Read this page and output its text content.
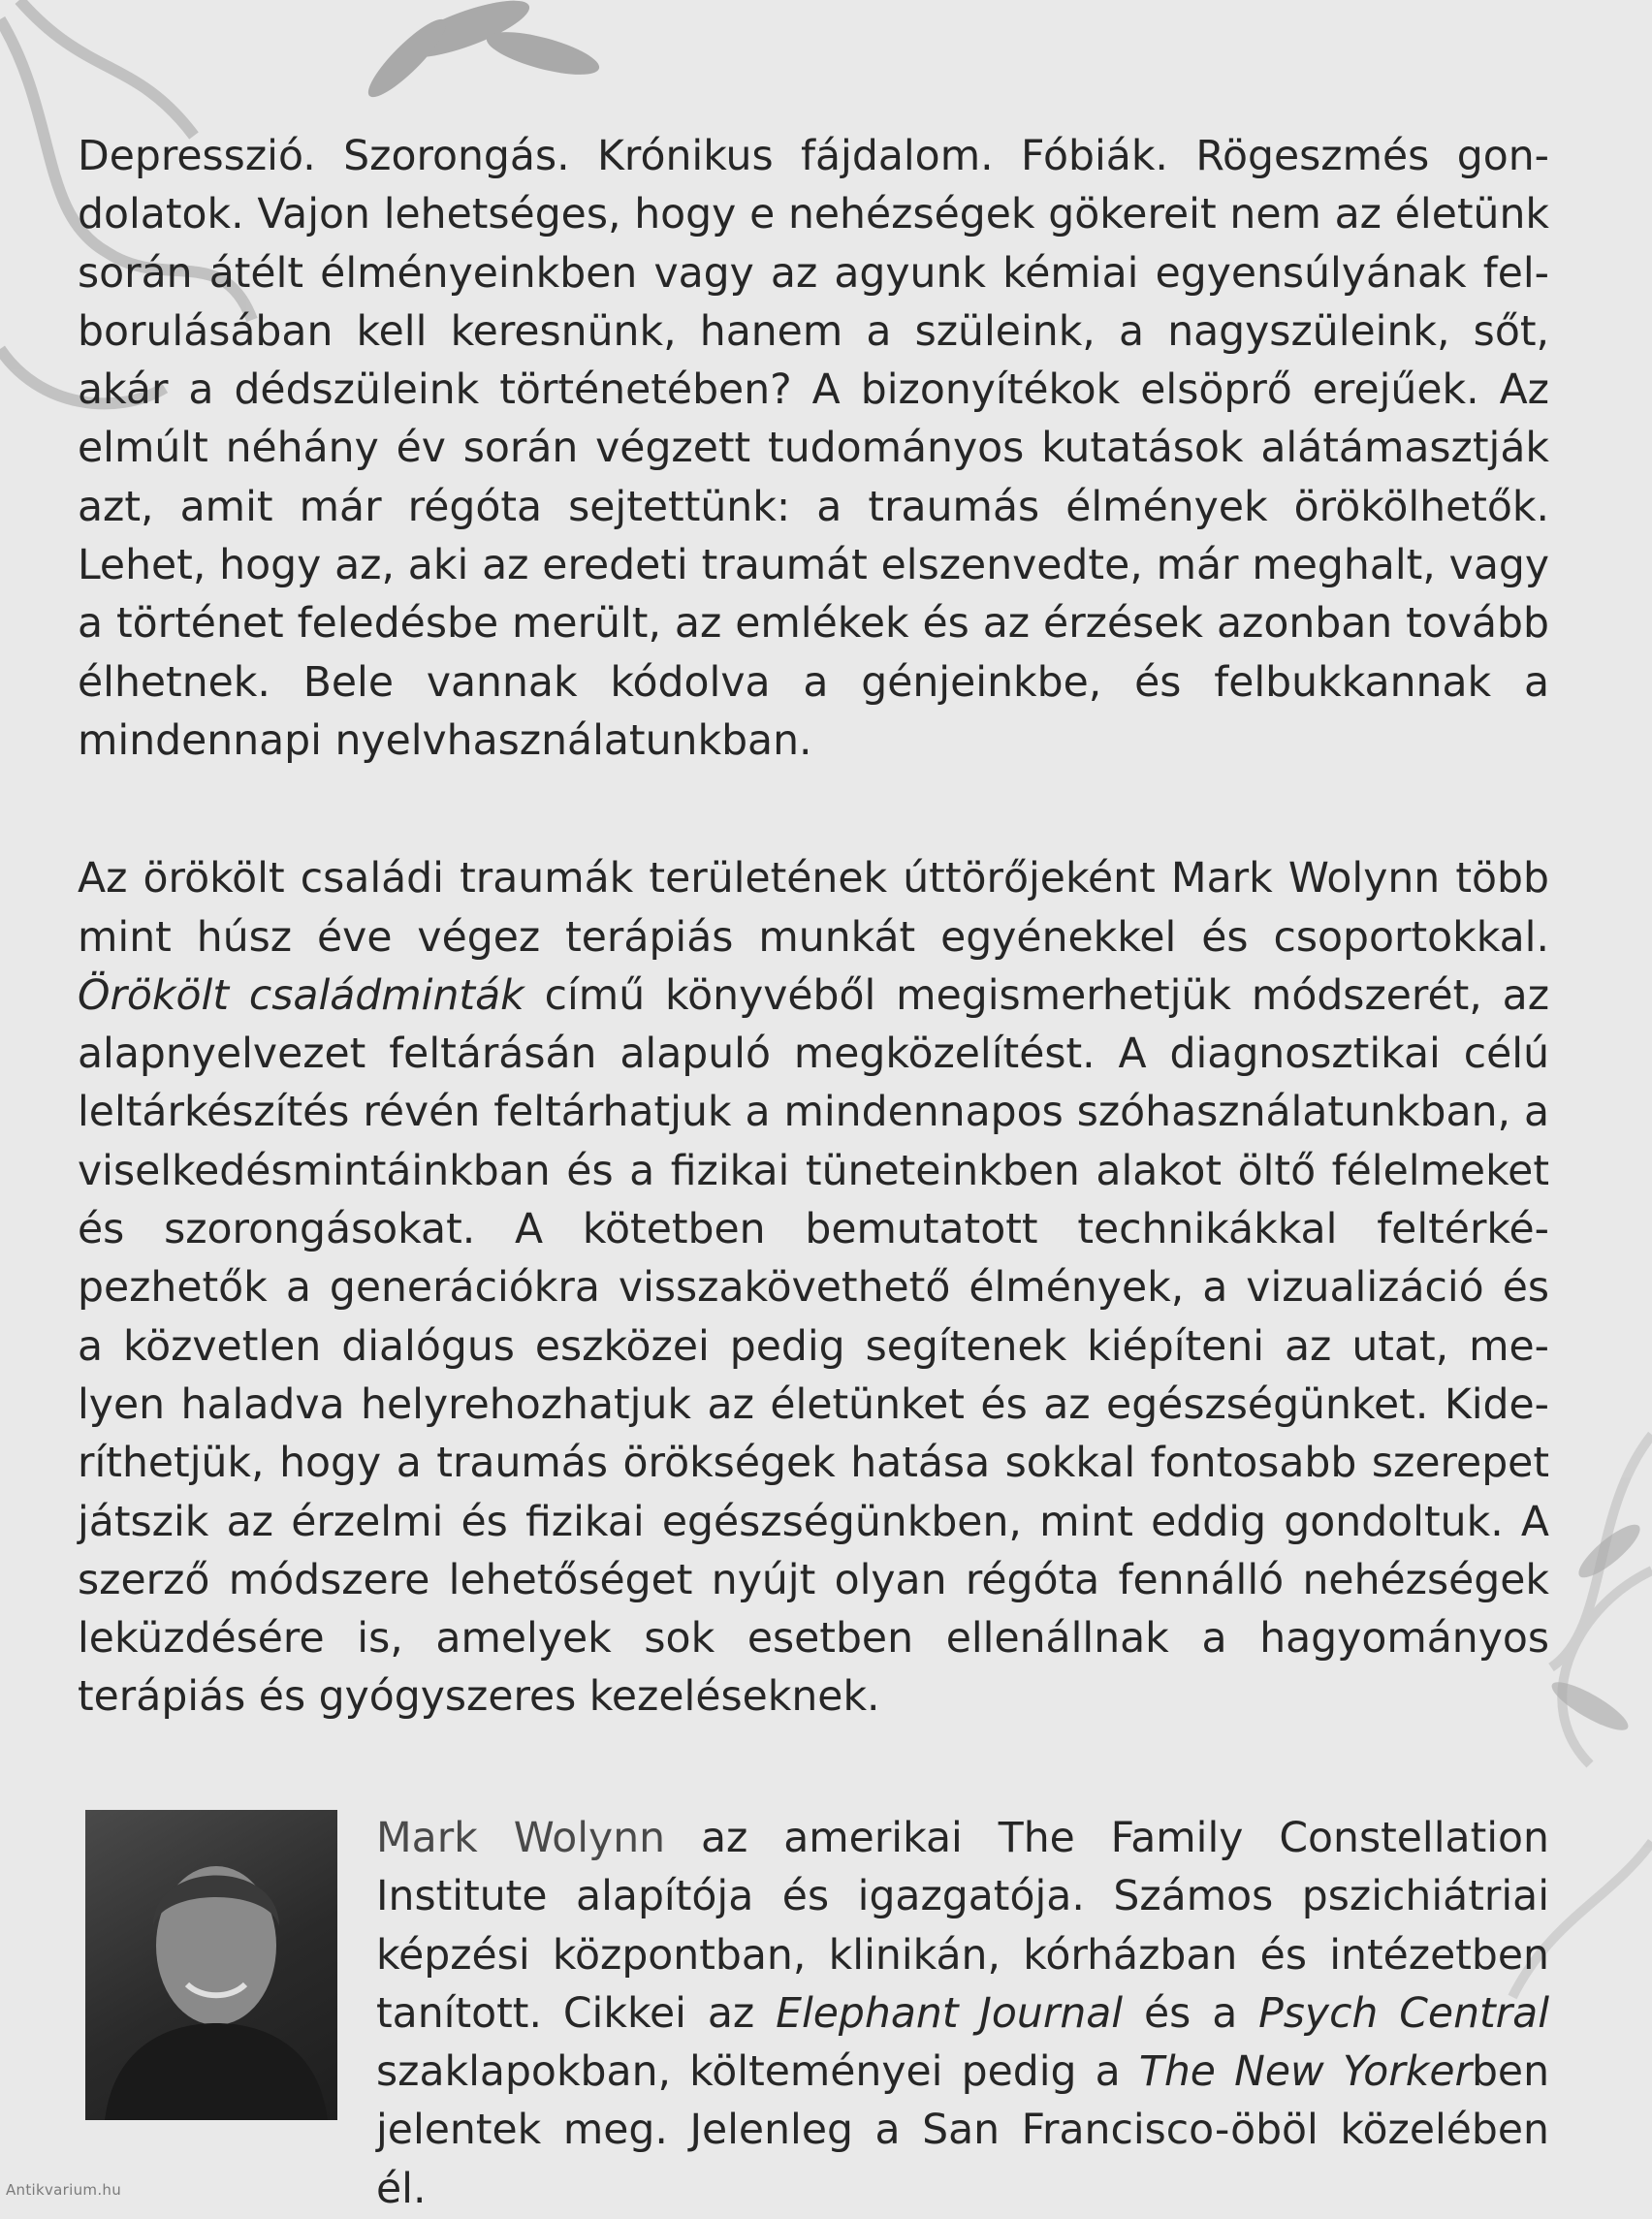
Depresszió. Szorongás. Krónikus fájdalom. Fóbiák. Rögeszmés gondolatok. Vajon lehetséges, hogy e nehézségek gökereit nem az életünk során átélt élményeinkben vagy az agyunk kémiai egyensúlyának felborulásában kell keresnünk, hanem a szüleink, a nagyszüleink, sőt, akár a dédszüleink történetében? A bizonyítékok elsöprő erejűek. Az elmúlt néhány év során végzett tudományos kutatások alátámasztják azt, amit már régóta sejtettünk: a traumás élmények örökölhetők. Lehet, hogy az, aki az eredeti traumát elszenvedte, már meghalt, vagy a történet feledésbe merült, az emlékek és az érzések azonban tovább élhetnek. Bele vannak kódolva a génjeinkbe, és felbukkannak a mindennapi nyelvhasználatunkban.

Az örökölt családi traumák területének úttörőjeként Mark Wolynn több mint húsz éve végez terápiás munkát egyénekkel és csoportokkal. Örökölt családminták című könyvéből megismerhetjük módszerét, az alapnyelvezet feltárásán alapuló megközelítést. A diagnosztikai célú leltárkészítés révén feltárhatjuk a mindennapos szóhasználatunkban, a viselkedésmintáinkban és a fizikai tüneteinkben alakot öltő félelmeket és szorongásokat. A kötetben bemutatott technikákkal feltérképezhetők a generációkra visszakövethető élmények, a vizualizáció és a közvetlen dialógus eszközei pedig segítenek kiépíteni az utat, melyen haladva helyrehozhatjuk az életünket és az egészségünket. Kideríthetjük, hogy a traumás örökségek hatása sokkal fontosabb szerepet játszik az érzelmi és fizikai egészségünkben, mint eddig gondoltuk. A szerző módszere lehetőséget nyújt olyan régóta fennálló nehézségek leküzdésére is, amelyek sok esetben ellenállnak a hagyományos terápiás és gyógyszeres kezeléseknek.

Mark Wolynn az amerikai The Family Constellation Institute alapítója és igazgatója. Számos pszichiátriai képzési központban, klinikán, kórházban és intézetben tanított. Cikkei az Elephant Journal és a Psych Central szaklapokban, költeményei pedig a The New Yorkerben jelentek meg. Jelenleg a San Francisco-öböl közelében él.

Antikvarium.hu
